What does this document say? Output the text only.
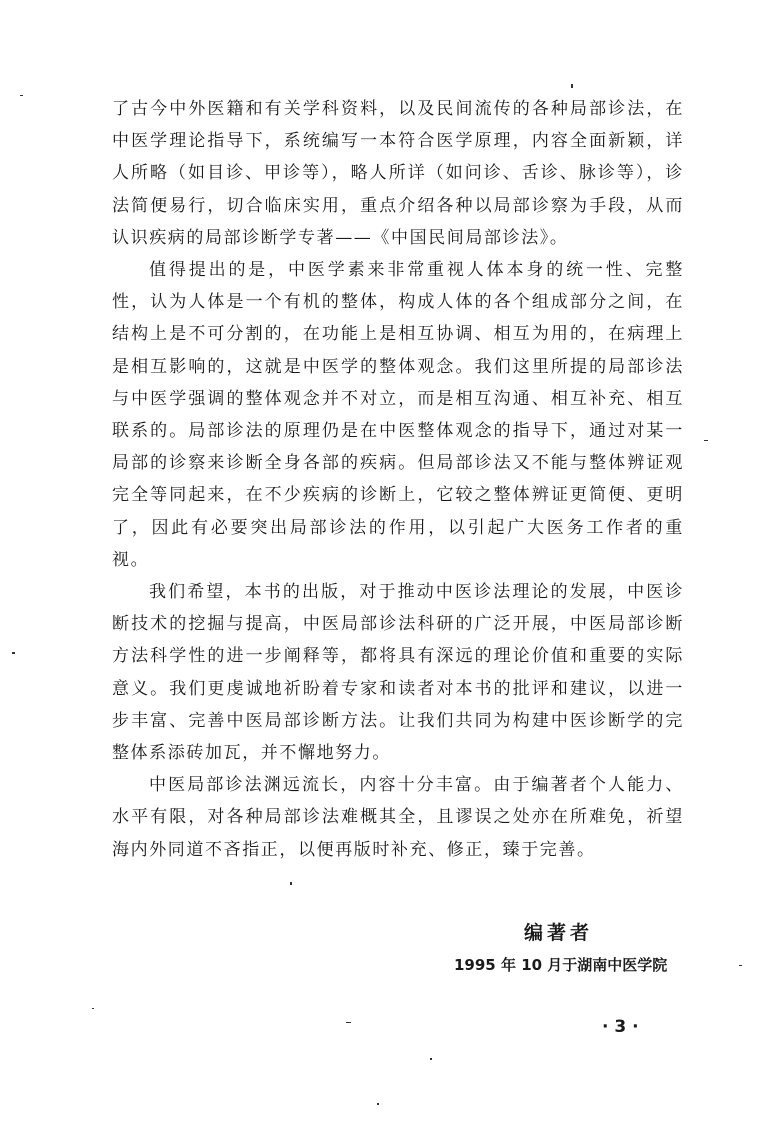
了古今中外医籍和有关学科资料，以及民间流传的各种局部诊法，在中医学理论指导下，系统编写一本符合医学原理，内容全面新颖，详人所略（如目诊、甲诊等），略人所详（如问诊、舌诊、脉诊等），诊法简便易行，切合临床实用，重点介绍各种以局部诊察为手段，从而认识疾病的局部诊断学专著——《中国民间局部诊法》。

值得提出的是，中医学素来非常重视人体本身的统一性、完整性，认为人体是一个有机的整体，构成人体的各个组成部分之间，在结构上是不可分割的，在功能上是相互协调、相互为用的，在病理上是相互影响的，这就是中医学的整体观念。我们这里所提的局部诊法与中医学强调的整体观念并不对立，而是相互沟通、相互补充、相互联系的。局部诊法的原理仍是在中医整体观念的指导下，通过对某一局部的诊察来诊断全身各部的疾病。但局部诊法又不能与整体辨证观完全等同起来，在不少疾病的诊断上，它较之整体辨证更简便、更明了，因此有必要突出局部诊法的作用，以引起广大医务工作者的重视。

我们希望，本书的出版，对于推动中医诊法理论的发展，中医诊断技术的挖掘与提高，中医局部诊法科研的广泛开展，中医局部诊断方法科学性的进一步阐释等，都将具有深远的理论价值和重要的实际意义。我们更虔诚地祈盼着专家和读者对本书的批评和建议，以进一步丰富、完善中医局部诊断方法。让我们共同为构建中医诊断学的完整体系添砖加瓦，并不懈地努力。

中医局部诊法渊远流长，内容十分丰富。由于编著者个人能力、水平有限，对各种局部诊法难概其全，且谬误之处亦在所难免，祈望海内外同道不吝指正，以便再版时补充、修正，臻于完善。

编著者
1995 年 10 月于湖南中医学院
· 3 ·
